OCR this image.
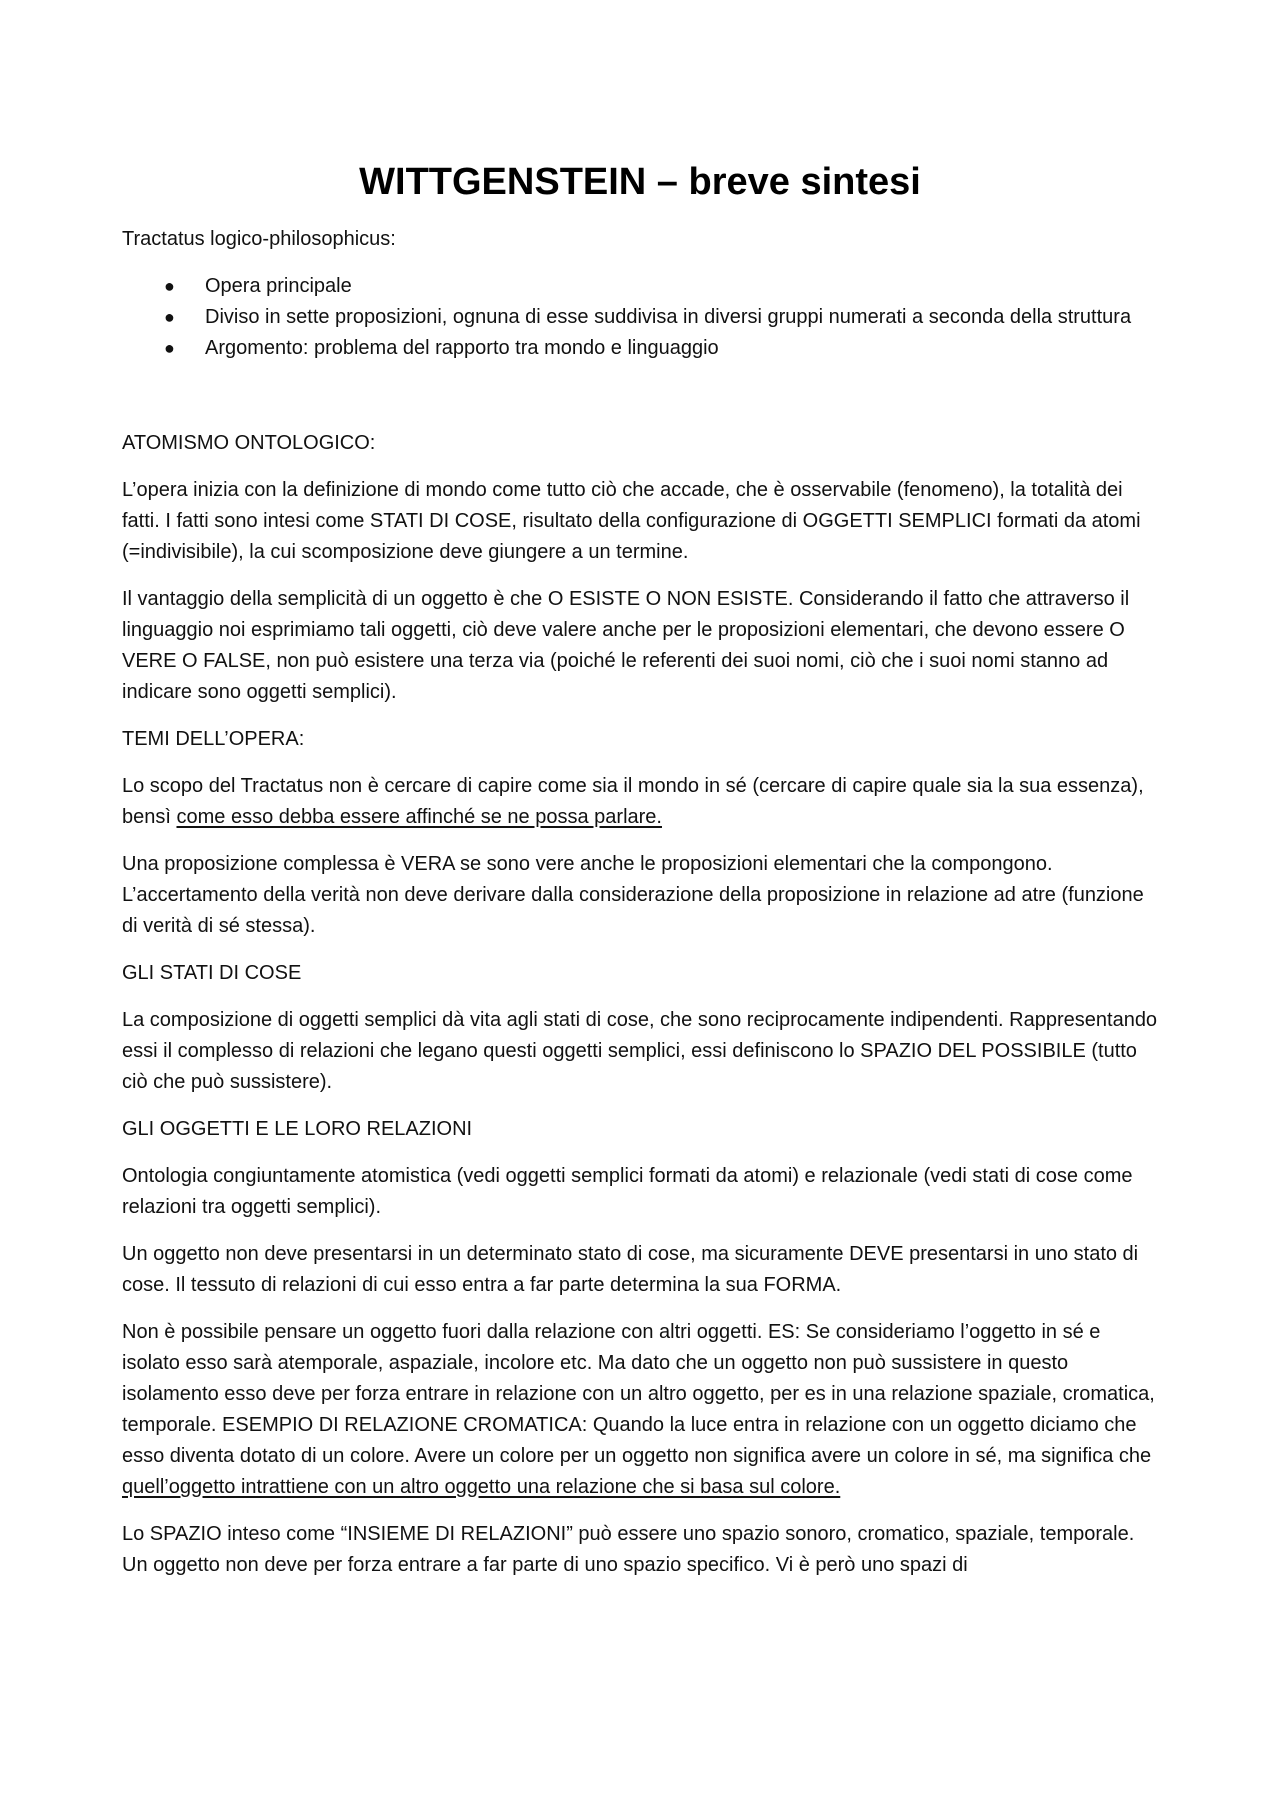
WITTGENSTEIN – breve sintesi

Tractatus logico-philosophicus:

● Opera principale
● Diviso in sette proposizioni, ognuna di esse suddivisa in diversi gruppi numerati a seconda della struttura
● Argomento: problema del rapporto tra mondo e linguaggio

ATOMISMO ONTOLOGICO:

L’opera inizia con la definizione di mondo come tutto ciò che accade, che è osservabile (fenomeno), la totalità dei fatti. I fatti sono intesi come STATI DI COSE, risultato della configurazione di OGGETTI SEMPLICI formati da atomi (=indivisibile), la cui scomposizione deve giungere a un termine.

Il vantaggio della semplicità di un oggetto è che O ESISTE O NON ESISTE. Considerando il fatto che attraverso il linguaggio noi esprimiamo tali oggetti, ciò deve valere anche per le proposizioni elementari, che devono essere O VERE O FALSE, non può esistere una terza via (poiché le referenti dei suoi nomi, ciò che i suoi nomi stanno ad indicare sono oggetti semplici).

TEMI DELL’OPERA:

Lo scopo del Tractatus non è cercare di capire come sia il mondo in sé (cercare di capire quale sia la sua essenza), bensì come esso debba essere affinché se ne possa parlare.

Una proposizione complessa è VERA se sono vere anche le proposizioni elementari che la compongono. L’accertamento della verità non deve derivare dalla considerazione della proposizione in relazione ad atre (funzione di verità di sé stessa).

GLI STATI DI COSE

La composizione di oggetti semplici dà vita agli stati di cose, che sono reciprocamente indipendenti. Rappresentando essi il complesso di relazioni che legano questi oggetti semplici, essi definiscono lo SPAZIO DEL POSSIBILE (tutto ciò che può sussistere).

GLI OGGETTI E LE LORO RELAZIONI

Ontologia congiuntamente atomistica (vedi oggetti semplici formati da atomi) e relazionale (vedi stati di cose come relazioni tra oggetti semplici).

Un oggetto non deve presentarsi in un determinato stato di cose, ma sicuramente DEVE presentarsi in uno stato di cose. Il tessuto di relazioni di cui esso entra a far parte determina la sua FORMA.

Non è possibile pensare un oggetto fuori dalla relazione con altri oggetti. ES: Se consideriamo l’oggetto in sé e isolato esso sarà atemporale, aspaziale, incolore etc. Ma dato che un oggetto non può sussistere in questo isolamento esso deve per forza entrare in relazione con un altro oggetto, per es in una relazione spaziale, cromatica, temporale. ESEMPIO DI RELAZIONE CROMATICA: Quando la luce entra in relazione con un oggetto diciamo che esso diventa dotato di un colore. Avere un colore per un oggetto non significa avere un colore in sé, ma significa che quell’oggetto intrattiene con un altro oggetto una relazione che si basa sul colore.

Lo SPAZIO inteso come “INSIEME DI RELAZIONI” può essere uno spazio sonoro, cromatico, spaziale, temporale. Un oggetto non deve per forza entrare a far parte di uno spazio specifico. Vi è però uno spazi di
